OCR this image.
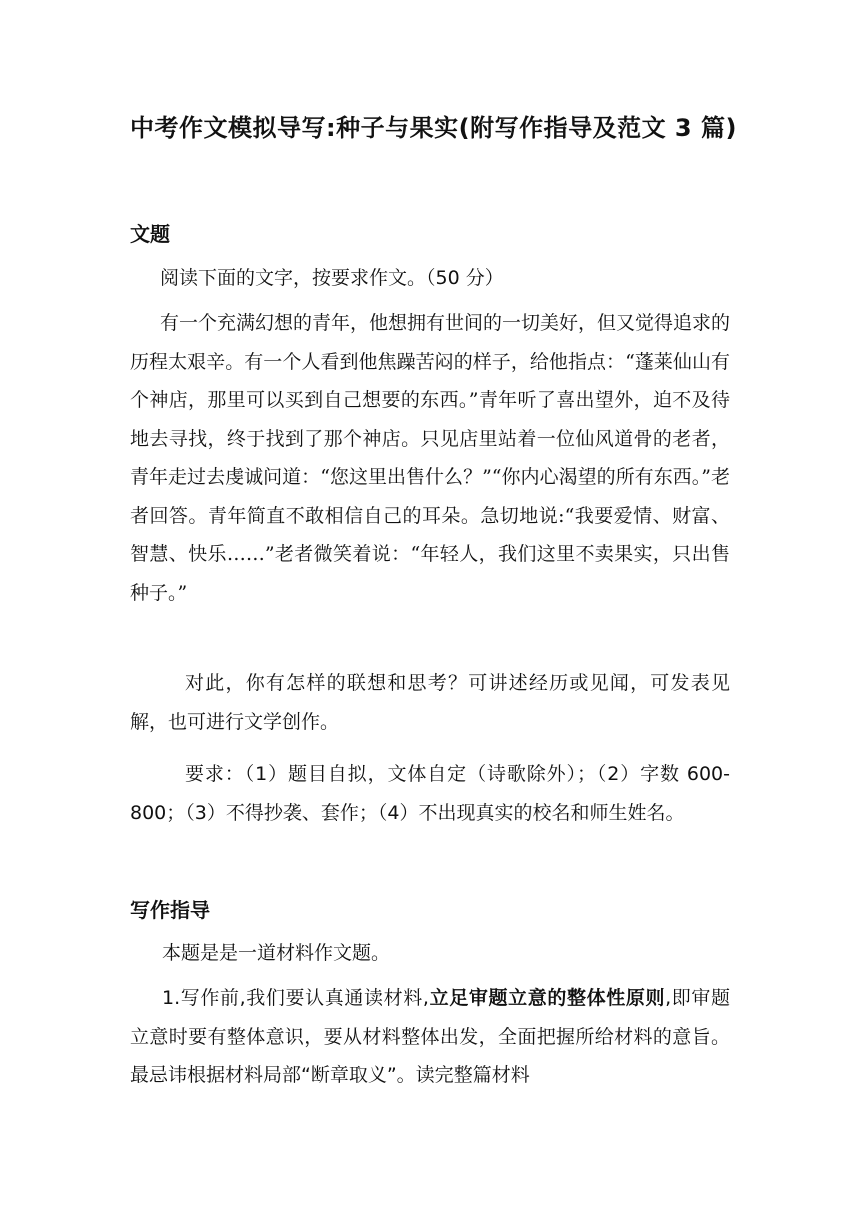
中考作文模拟导写:种子与果实(附写作指导及范文 3 篇)
文题

阅读下面的文字，按要求作文。（50 分）

有一个充满幻想的青年，他想拥有世间的一切美好，但又觉得追求的历程太艰辛。有一个人看到他焦躁苦闷的样子，给他指点：“蓬莱仙山有个神店，那里可以买到自己想要的东西。”青年听了喜出望外，迫不及待地去寻找，终于找到了那个神店。只见店里站着一位仙风道骨的老者，青年走过去虔诚问道：“您这里出售什么？”“你内心渴望的所有东西。”老者回答。青年简直不敢相信自己的耳朵。急切地说:“我要爱情、财富、智慧、快乐……”老者微笑着说：“年轻人，我们这里不卖果实，只出售种子。”

对此，你有怎样的联想和思考？可讲述经历或见闻，可发表见解，也可进行文学创作。

要求：（1）题目自拟，文体自定（诗歌除外）；（2）字数 600-800；（3）不得抄袭、套作；（4）不出现真实的校名和师生姓名。

写作指导

本题是是一道材料作文题。

1.写作前,我们要认真通读材料,立足审题立意的整体性原则,即审题立意时要有整体意识，要从材料整体出发，全面把握所给材料的意旨。最忌讳根据材料局部“断章取义”。读完整篇材料
